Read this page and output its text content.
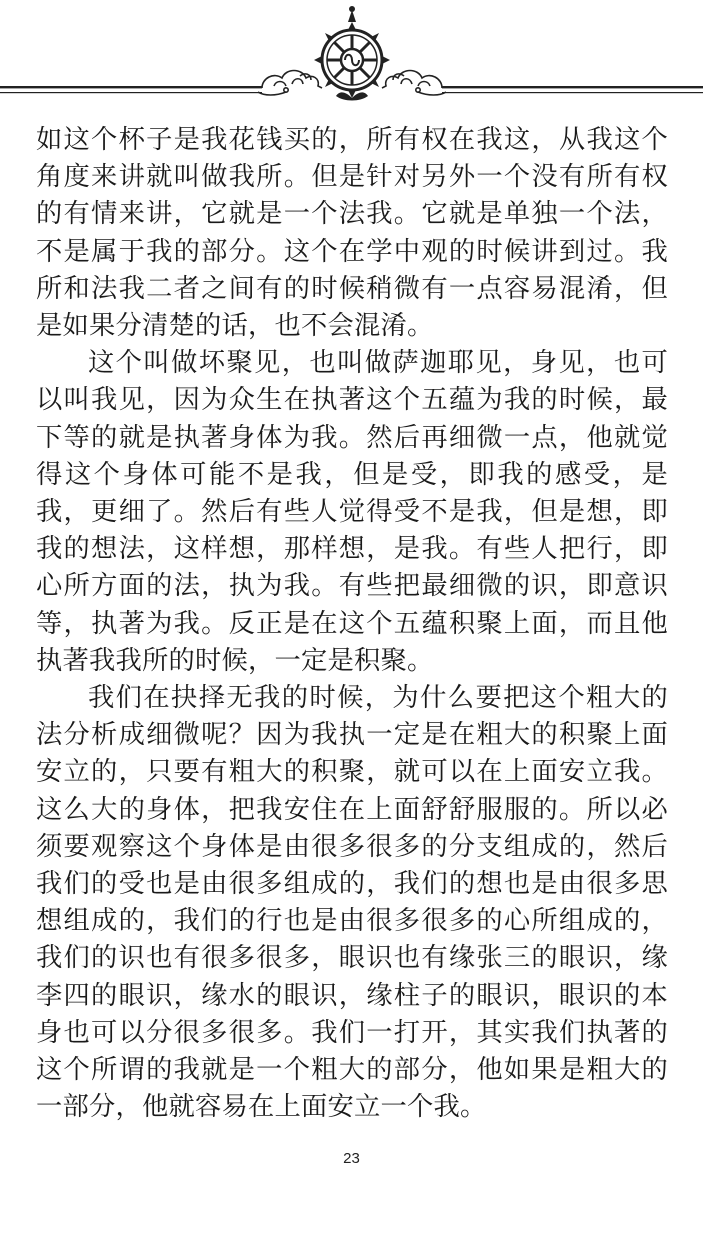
如这个杯子是我花钱买的，所有权在我这，从我这个角度来讲就叫做我所。但是针对另外一个没有所有权的有情来讲，它就是一个法我。它就是单独一个法，不是属于我的部分。这个在学中观的时候讲到过。我所和法我二者之间有的时候稍微有一点容易混淆，但是如果分清楚的话，也不会混淆。

这个叫做坏聚见，也叫做萨迦耶见，身见，也可以叫我见，因为众生在执著这个五蕴为我的时候，最下等的就是执著身体为我。然后再细微一点，他就觉得这个身体可能不是我，但是受，即我的感受，是我，更细了。然后有些人觉得受不是我，但是想，即我的想法，这样想，那样想，是我。有些人把行，即心所方面的法，执为我。有些把最细微的识，即意识等，执著为我。反正是在这个五蕴积聚上面，而且他执著我我所的时候，一定是积聚。

我们在抉择无我的时候，为什么要把这个粗大的法分析成细微呢？因为我执一定是在粗大的积聚上面安立的，只要有粗大的积聚，就可以在上面安立我。这么大的身体，把我安住在上面舒舒服服的。所以必须要观察这个身体是由很多很多的分支组成的，然后我们的受也是由很多组成的，我们的想也是由很多思想组成的，我们的行也是由很多很多的心所组成的，我们的识也有很多很多，眼识也有缘张三的眼识，缘李四的眼识，缘水的眼识，缘柱子的眼识，眼识的本身也可以分很多很多。我们一打开，其实我们执著的这个所谓的我就是一个粗大的部分，他如果是粗大的一部分，他就容易在上面安立一个我。

23
